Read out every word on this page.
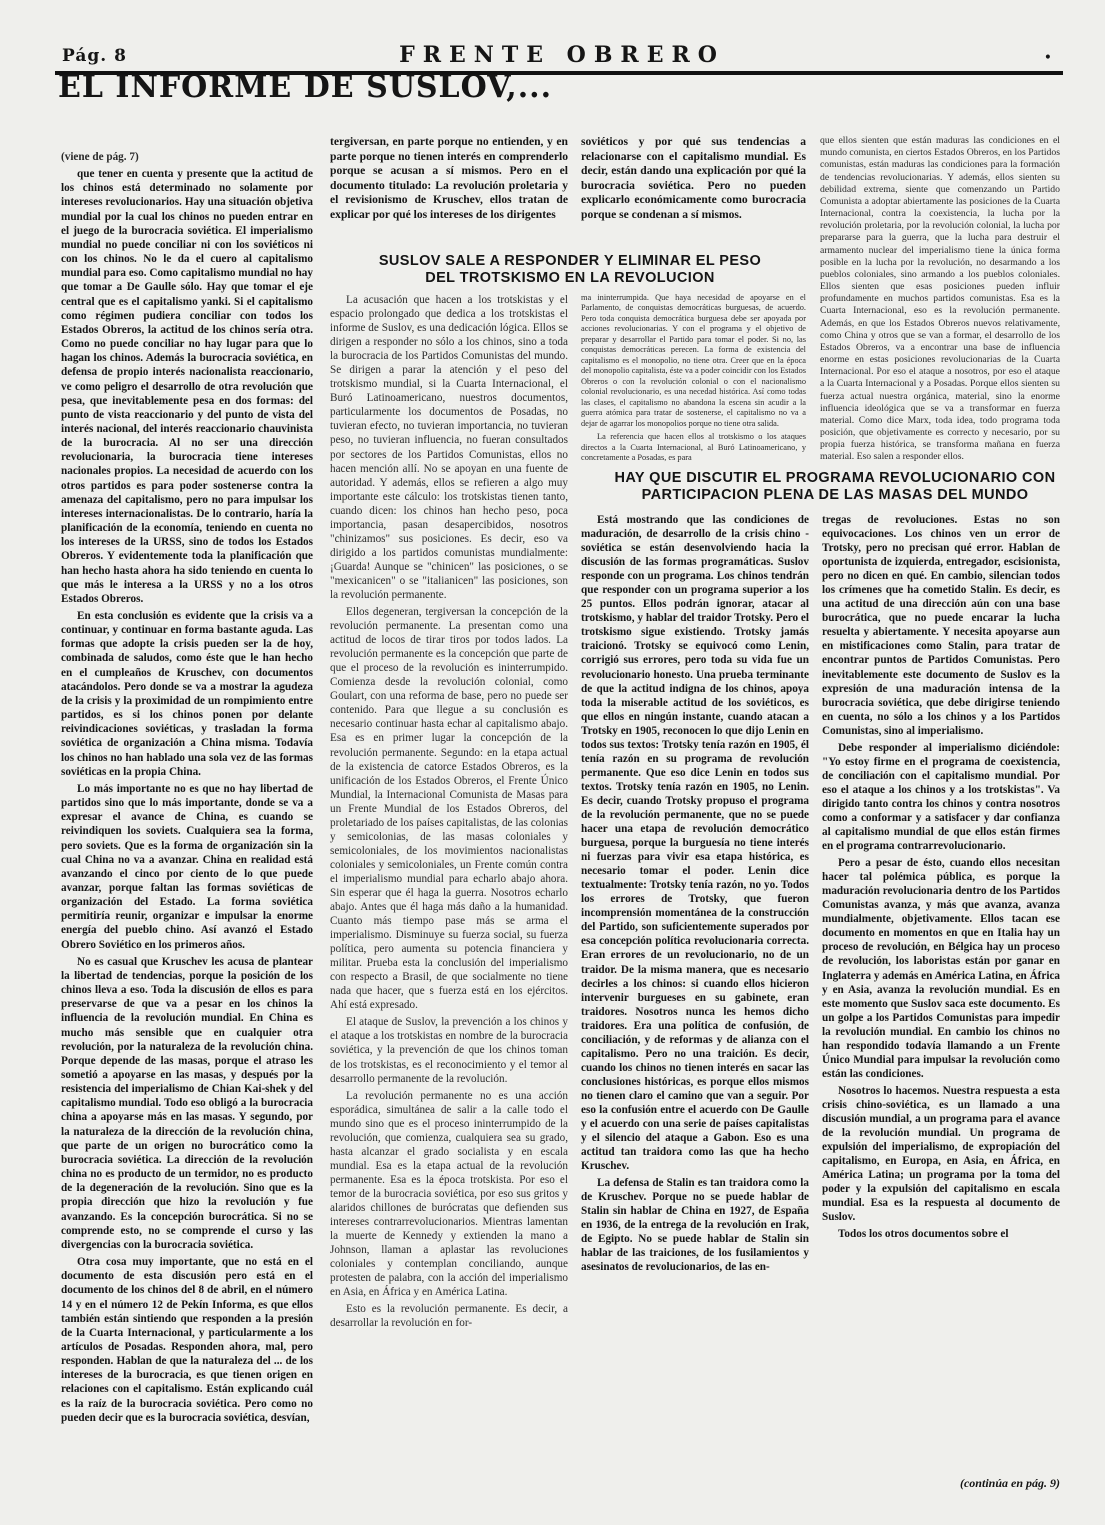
Pág. 8	FRENTE OBRERO	•
EL INFORME DE SUSLOV,...

(viene de pág. 7)

que tener en cuenta y presente que la actitud de los chinos está determinado no solamente por intereses revolucionarios. Hay una situación objetiva mundial por la cual los chinos no pueden entrar en el juego de la burocracia soviética. El imperialismo mundial no puede conciliar ni con los soviéticos ni con los chinos. No le da el cuero al capitalismo mundial para eso. Como capitalismo mundial no hay que tomar a De Gaulle sólo. Hay que tomar el eje central que es el capitalismo yanki. Si el capitalismo como régimen pudiera conciliar con todos los Estados Obreros, la actitud de los chinos sería otra. Como no puede conciliar no hay lugar para que lo hagan los chinos. Además la burocracia soviética, en defensa de propio interés nacionalista reaccionario, ve como peligro el desarrollo de otra revolución que pesa, que inevitablemente pesa en dos formas: del punto de vista reaccionario y del punto de vista del interés nacional, del interés reaccionario chauvinista de la burocracia. Al no ser una dirección revolucionaria, la burocracia tiene intereses nacionales propios. La necesidad de acuerdo con los otros partidos es para poder sostenerse contra la amenaza del capitalismo, pero no para impulsar los intereses internacionalistas. De lo contrario, haría la planificación de la economía, teniendo en cuenta no los intereses de la URSS, sino de todos los Estados Obreros. Y evidentemente toda la planificación que han hecho hasta ahora ha sido teniendo en cuenta lo que más le interesa a la URSS y no a los otros Estados Obreros.

En esta conclusión es evidente que la crisis va a continuar, y continuar en forma bastante aguda. Las formas que adopte la crisis pueden ser la de hoy, combinada de saludos, como éste que le han hecho en el cumpleaños de Kruschev, con documentos atacándolos. Pero donde se va a mostrar la agudeza de la crisis y la proximidad de un rompimiento entre partidos, es si los chinos ponen por delante reivindicaciones soviéticas, y trasladan la forma soviética de organización a China misma. Todavía los chinos no han hablado una sola vez de las formas soviéticas en la propia China.

Lo más importante no es que no hay libertad de partidos sino que lo más importante, donde se va a expresar el avance de China, es cuando se reivindiquen los soviets. Cualquiera sea la forma, pero soviets. Que es la forma de organización sin la cual China no va a avanzar. China en realidad está avanzando el cinco por ciento de lo que puede avanzar, porque faltan las formas soviéticas de organización del Estado. La forma soviética permitiría reunir, organizar e impulsar la enorme energía del pueblo chino. Así avanzó el Estado Obrero Soviético en los primeros años.

No es casual que Kruschev les acusa de plantear la libertad de tendencias, porque la posición de los chinos lleva a eso. Toda la discusión de ellos es para preservarse de que va a pesar en los chinos la influencia de la revolución mundial. En China es mucho más sensible que en cualquier otra revolución, por la naturaleza de la revolución china. Porque depende de las masas, porque el atraso les sometió a apoyarse en las masas, y después por la resistencia del imperialismo de Chian Kai-shek y del capitalismo mundial. Todo eso obligó a la burocracia china a apoyarse más en las masas. Y segundo, por la naturaleza de la dirección de la revolución china, que parte de un origen no burocrático como la burocracia soviética. La dirección de la revolución china no es producto de un termidor, no es producto de la degeneración de la revolución. Sino que es la propia dirección que hizo la revolución y fue avanzando. Es la concepción burocrática. Si no se comprende esto, no se comprende el curso y las divergencias con la burocracia soviética.

Otra cosa muy importante, que no está en el documento de esta discusión pero está en el documento de los chinos del 8 de abril, en el número 14 y en el número 12 de Pekín Informa, es que ellos también están sintiendo que responden a la presión de la Cuarta Internacional, y particularmente a los artículos de Posadas. Responden ahora, mal, pero responden. Hablan de que la naturaleza del ... de los intereses de la burocracia, es que tienen origen en relaciones con el capitalismo. Están explicando cuál es la raíz de la burocracia soviética. Pero como no pueden decir que es la burocracia soviética, desvían,

tergiversan, en parte porque no entienden, y en parte porque no tienen interés en comprenderlo porque se acusan a sí mismos. Pero en el documento titulado: La revolución proletaria y el revisionismo de Kruschev, ellos tratan de explicar por qué los intereses de los dirigentes

soviéticos y por qué sus tendencias a relacionarse con el capitalismo mundial. Es decir, están dando una explicación por qué la burocracia soviética. Pero no pueden explicarlo económicamente como burocracia porque se condenan a sí mismos.

SUSLOV SALE A RESPONDER Y ELIMINAR EL PESO DEL TROTSKISMO EN LA REVOLUCION

La acusación que hacen a los trotskistas y el espacio prolongado que dedica a los trotskistas el informe de Suslov, es una dedicación lógica. Ellos se dirigen a responder no sólo a los chinos, sino a toda la burocracia de los Partidos Comunistas del mundo. Se dirigen a parar la atención y el peso del trotskismo mundial, si la Cuarta Internacional, el Buró Latinoamericano, nuestros documentos, particularmente los documentos de Posadas, no tuvieran efecto, no tuvieran importancia, no tuvieran peso, no tuvieran influencia, no fueran consultados por sectores de los Partidos Comunistas, ellos no hacen mención allí. No se apoyan en una fuente de autoridad. Y además, ellos se refieren a algo muy importante este cálculo: los trotskistas tienen tanto, cuando dicen: los chinos han hecho peso, poca importancia, pasan desapercibidos, nosotros "chinizamos" sus posiciones. Es decir, eso va dirigido a los partidos comunistas mundialmente: ¡Guarda! Aunque se "chinicen" las posiciones, o se "mexicanicen" o se "italianicen" las posiciones, son la revolución permanente.

Ellos degeneran, tergiversan la concepción de la revolución permanente. La presentan como una actitud de locos de tirar tiros por todos lados. La revolución permanente es la concepción que parte de que el proceso de la revolución es ininterrumpido. Comienza desde la revolución colonial, como Goulart, con una reforma de base, pero no puede ser contenido. Para que llegue a su conclusión es necesario continuar hasta echar al capitalismo abajo. Esa es en primer lugar la concepción de la revolución permanente. Segundo: en la etapa actual de la existencia de catorce Estados Obreros, es la unificación de los Estados Obreros, el Frente Único Mundial, la Internacional Comunista de Masas para un Frente Mundial de los Estados Obreros, del proletariado de los países capitalistas, de las colonias y semicolonias, de las masas coloniales y semicoloniales, de los movimientos nacionalistas coloniales y semicoloniales, un Frente común contra el imperialismo mundial para echarlo abajo ahora. Sin esperar que él haga la guerra. Nosotros echarlo abajo. Antes que él haga más daño a la humanidad. Cuanto más tiempo pase más se arma el imperialismo. Disminuye su fuerza social, su fuerza política, pero aumenta su potencia financiera y militar. Prueba esta la conclusión del imperialismo con respecto a Brasil, de que socialmente no tiene nada que hacer, que s fuerza está en los ejércitos. Ahí está expresado.

El ataque de Suslov, la prevención a los chinos y el ataque a los trotskistas en nombre de la burocracia soviética, y la prevención de que los chinos toman de los trotskistas, es el reconocimiento y el temor al desarrollo permanente de la revolución.

La revolución permanente no es una acción esporádica, simultánea de salir a la calle todo el mundo sino que es el proceso ininterrumpido de la revolución, que comienza, cualquiera sea su grado, hasta alcanzar el grado socialista y en escala mundial. Esa es la etapa actual de la revolución permanente. Esa es la época trotskista. Por eso el temor de la burocracia soviética, por eso sus gritos y alaridos chillones de burócratas que defienden sus intereses contrarrevolucionarios. Mientras lamentan la muerte de Kennedy y extienden la mano a Johnson, llaman a aplastar las revoluciones coloniales y contemplan conciliando, aunque protesten de palabra, con la acción del imperialismo en Asia, en África y en América Latina.

Esto es la revolución permanente. Es decir, a desarrollar la revolución en for-

ma ininterrumpida. Que haya necesidad de apoyarse en el Parlamento, de conquistas democráticas burguesas, de acuerdo. Pero toda conquista democrática burguesa debe ser apoyada por acciones revolucionarias. Y con el programa y el objetivo de preparar y desarrollar el Partido para tomar el poder. Si no, las conquistas democráticas perecen. La forma de existencia del capitalismo es el monopolio, no tiene otra. Creer que en la época del monopolio capitalista, éste va a poder coincidir con los Estados Obreros o con la revolución colonial o con el nacionalismo colonial revolucionario, es una necedad histórica. Así como todas las clases, el capitalismo no abandona la escena sin acudir a la guerra atómica para tratar de sostenerse, el capitalismo no va a dejar de agarrar los monopolios porque no tiene otra salida.

La referencia que hacen ellos al trotskismo o los ataques directos a la Cuarta Internacional, al Buró Latinoamericano, y concretamente a Posadas, es para

que ellos sienten que están maduras las condiciones en el mundo comunista, en ciertos Estados Obreros, en los Partidos comunistas, están maduras las condiciones para la formación de tendencias revolucionarias. Y además, ellos sienten su debilidad extrema, siente que comenzando un Partido Comunista a adoptar abiertamente las posiciones de la Cuarta Internacional, contra la coexistencia, la lucha por la revolución proletaria, por la revolución colonial, la lucha por prepararse para la guerra, que la lucha para destruir el armamento nuclear del imperialismo tiene la única forma posible en la lucha por la revolución, no desarmando a los pueblos coloniales, sino armando a los pueblos coloniales. Ellos sienten que esas posiciones pueden influir profundamente en muchos partidos comunistas. Esa es la Cuarta Internacional, eso es la revolución permanente. Además, en que los Estados Obreros nuevos relativamente, como China y otros que se van a formar, el desarrollo de los Estados Obreros, va a encontrar una base de influencia enorme en estas posiciones revolucionarias de la Cuarta Internacional. Por eso el ataque a nosotros, por eso el ataque a la Cuarta Internacional y a Posadas. Porque ellos sienten su fuerza actual nuestra orgánica, material, sino la enorme influencia ideológica que se va a transformar en fuerza material. Como dice Marx, toda idea, todo programa toda posición, que objetivamente es correcto y necesario, por su propia fuerza histórica, se transforma mañana en fuerza material. Eso salen a responder ellos.

HAY QUE DISCUTIR EL PROGRAMA REVOLUCIONARIO CON PARTICIPACION PLENA DE LAS MASAS DEL MUNDO

Está mostrando que las condiciones de maduración, de desarrollo de la crisis chino - soviética se están desenvolviendo hacia la discusión de las formas programáticas. Suslov responde con un programa. Los chinos tendrán que responder con un programa superior a los 25 puntos. Ellos podrán ignorar, atacar al trotskismo, y hablar del traidor Trotsky. Pero el trotskismo sigue existiendo. Trotsky jamás traicionó. Trotsky se equivocó como Lenin, corrigió sus errores, pero toda su vida fue un revolucionario honesto. Una prueba terminante de que la actitud indigna de los chinos, apoya toda la miserable actitud de los soviéticos, es que ellos en ningún instante, cuando atacan a Trotsky en 1905, reconocen lo que dijo Lenin en todos sus textos: Trotsky tenía razón en 1905, él tenía razón en su programa de revolución permanente. Que eso dice Lenin en todos sus textos. Trotsky tenía razón en 1905, no Lenin. Es decir, cuando Trotsky propuso el programa de la revolución permanente, que no se puede hacer una etapa de revolución democrático burguesa, porque la burguesía no tiene interés ni fuerzas para vivir esa etapa histórica, es necesario tomar el poder. Lenin dice textualmente: Trotsky tenía razón, no yo. Todos los errores de Trotsky, que fueron incomprensión momentánea de la construcción del Partido, son suficientemente superados por esa concepción política revolucionaria correcta. Eran errores de un revolucionario, no de un traidor. De la misma manera, que es necesario decirles a los chinos: si cuando ellos hicieron intervenir burgueses en su gabinete, eran traidores. Nosotros nunca les hemos dicho traidores. Era una política de confusión, de conciliación, y de reformas y de alianza con el capitalismo. Pero no una traición. Es decir, cuando los chinos no tienen interés en sacar las conclusiones históricas, es porque ellos mismos no tienen claro el camino que van a seguir. Por eso la confusión entre el acuerdo con De Gaulle y el acuerdo con una serie de países capitalistas y el silencio del ataque a Gabon. Eso es una actitud tan traidora como las que ha hecho Kruschev.

La defensa de Stalin es tan traidora como la de Kruschev. Porque no se puede hablar de Stalin sin hablar de China en 1927, de España en 1936, de la entrega de la revolución en Irak, de Egipto. No se puede hablar de Stalin sin hablar de las traiciones, de los fusilamientos y asesinatos de revolucionarios, de las en-

tregas de revoluciones. Estas no son equivocaciones. Los chinos ven un error de Trotsky, pero no precisan qué error. Hablan de oportunista de izquierda, entregador, escisionista, pero no dicen en qué. En cambio, silencian todos los crímenes que ha cometido Stalin. Es decir, es una actitud de una dirección aún con una base burocrática, que no puede encarar la lucha resuelta y abiertamente. Y necesita apoyarse aun en mistificaciones como Stalin, para tratar de encontrar puntos de Partidos Comunistas. Pero inevitablemente este documento de Suslov es la expresión de una maduración intensa de la burocracia soviética, que debe dirigirse teniendo en cuenta, no sólo a los chinos y a los Partidos Comunistas, sino al imperialismo.

Debe responder al imperialismo diciéndole: "Yo estoy firme en el programa de coexistencia, de conciliación con el capitalismo mundial. Por eso el ataque a los chinos y a los trotskistas". Va dirigido tanto contra los chinos y contra nosotros como a conformar y a satisfacer y dar confianza al capitalismo mundial de que ellos están firmes en el programa contrarrevolucionario.

Pero a pesar de ésto, cuando ellos necesitan hacer tal polémica pública, es porque la maduración revolucionaria dentro de los Partidos Comunistas avanza, y más que avanza, avanza mundialmente, objetivamente. Ellos tacan ese documento en momentos en que en Italia hay un proceso de revolución, en Bélgica hay un proceso de revolución, los laboristas están por ganar en Inglaterra y además en América Latina, en África y en Asia, avanza la revolución mundial. Es en este momento que Suslov saca este documento. Es un golpe a los Partidos Comunistas para impedir la revolución mundial. En cambio los chinos no han respondido todavía llamando a un Frente Único Mundial para impulsar la revolución como están las condiciones.

Nosotros lo hacemos. Nuestra respuesta a esta crisis chino-soviética, es un llamado a una discusión mundial, a un programa para el avance de la revolución mundial. Un programa de expulsión del imperialismo, de expropiación del capitalismo, en Europa, en Asia, en África, en América Latina; un programa por la toma del poder y la expulsión del capitalismo en escala mundial. Esa es la respuesta al documento de Suslov.

Todos los otros documentos sobre el

(continúa en pág. 9)
